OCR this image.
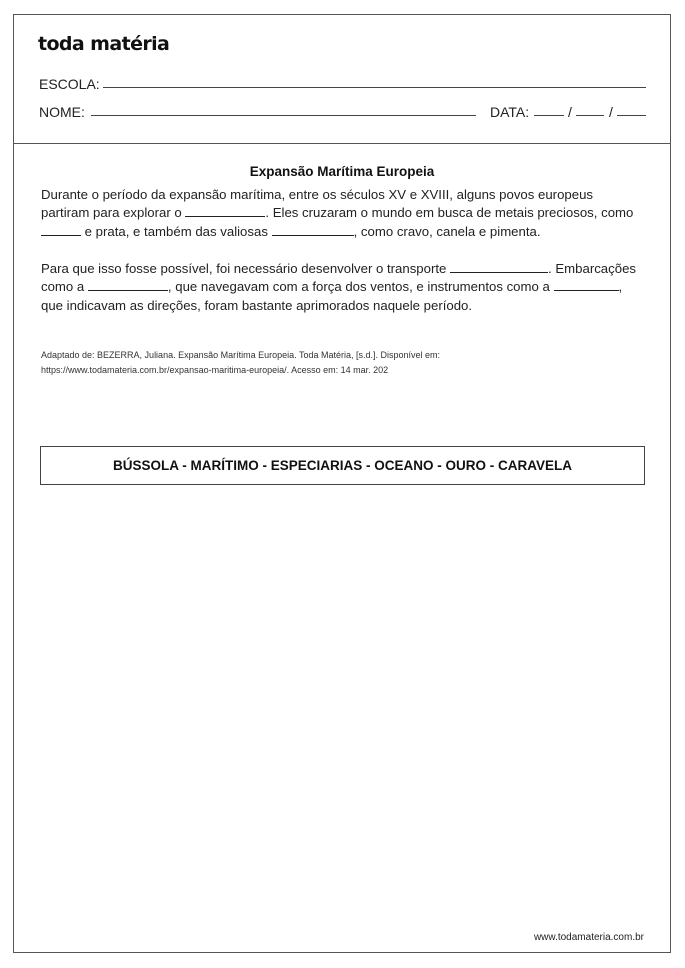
toda matéria
ESCOLA:
NOME:	DATA:	/	/
Expansão Marítima Europeia
Durante o período da expansão marítima, entre os séculos XV e XVIII, alguns povos europeus partiram para explorar o	. Eles cruzaram o mundo em busca de metais preciosos, como  e prata, e também das valiosas	, como cravo, canela e pimenta.
Para que isso fosse possível, foi necessário desenvolver o transporte	. Embarcações como a	, que navegavam com a força dos ventos, e instrumentos como a	, que indicavam as direções, foram bastante aprimorados naquele período.
Adaptado de: BEZERRA, Juliana. Expansão Marítima Europeia. Toda Matéria, [s.d.]. Disponível em:
https://www.todamateria.com.br/expansao-maritima-europeia/. Acesso em: 14 mar. 202
BÚSSOLA - MARÍTIMO - ESPECIARIAS - OCEANO - OURO - CARAVELA
www.todamateria.com.br
